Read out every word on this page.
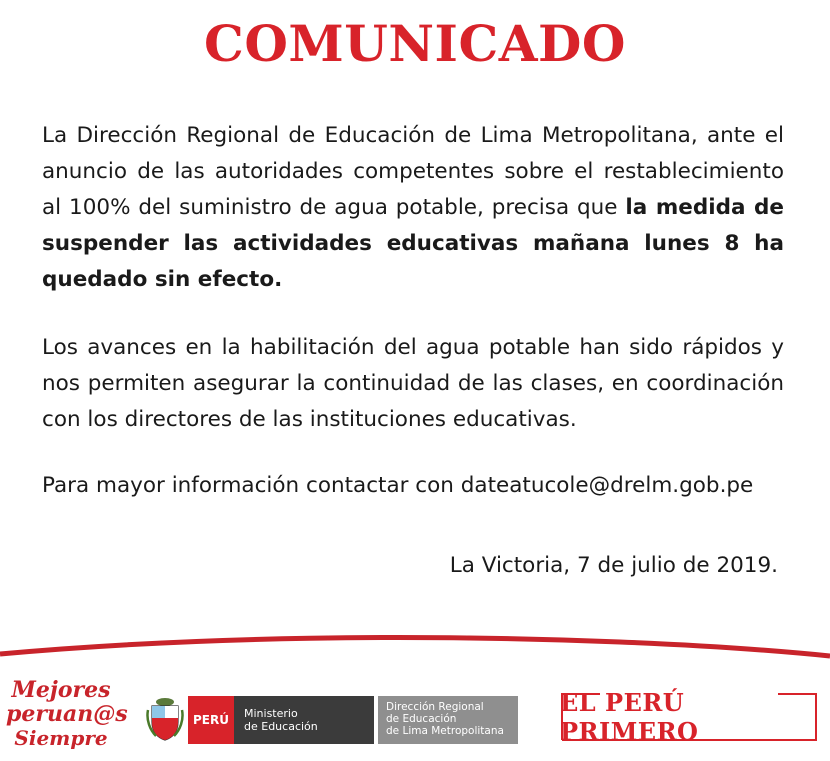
COMUNICADO

La Dirección Regional de Educación de Lima Metropolitana, ante el anuncio de las autoridades competentes sobre el restablecimiento al 100% del suministro de agua potable, precisa que la medida de suspender las actividades educativas mañana lunes 8 ha quedado sin efecto.

Los avances en la habilitación del agua potable han sido rápidos y nos permiten asegurar la continuidad de las clases, en coordinación con los directores de las instituciones educativas.

Para mayor información contactar con dateatucole@drelm.gob.pe

La Victoria, 7 de julio de 2019.
Mejores
peruan@s
Siempre
PERÚ	Ministerio
de Educación
Dirección Regional
de Educación
de Lima Metropolitana
EL PERÚ PRIMERO
